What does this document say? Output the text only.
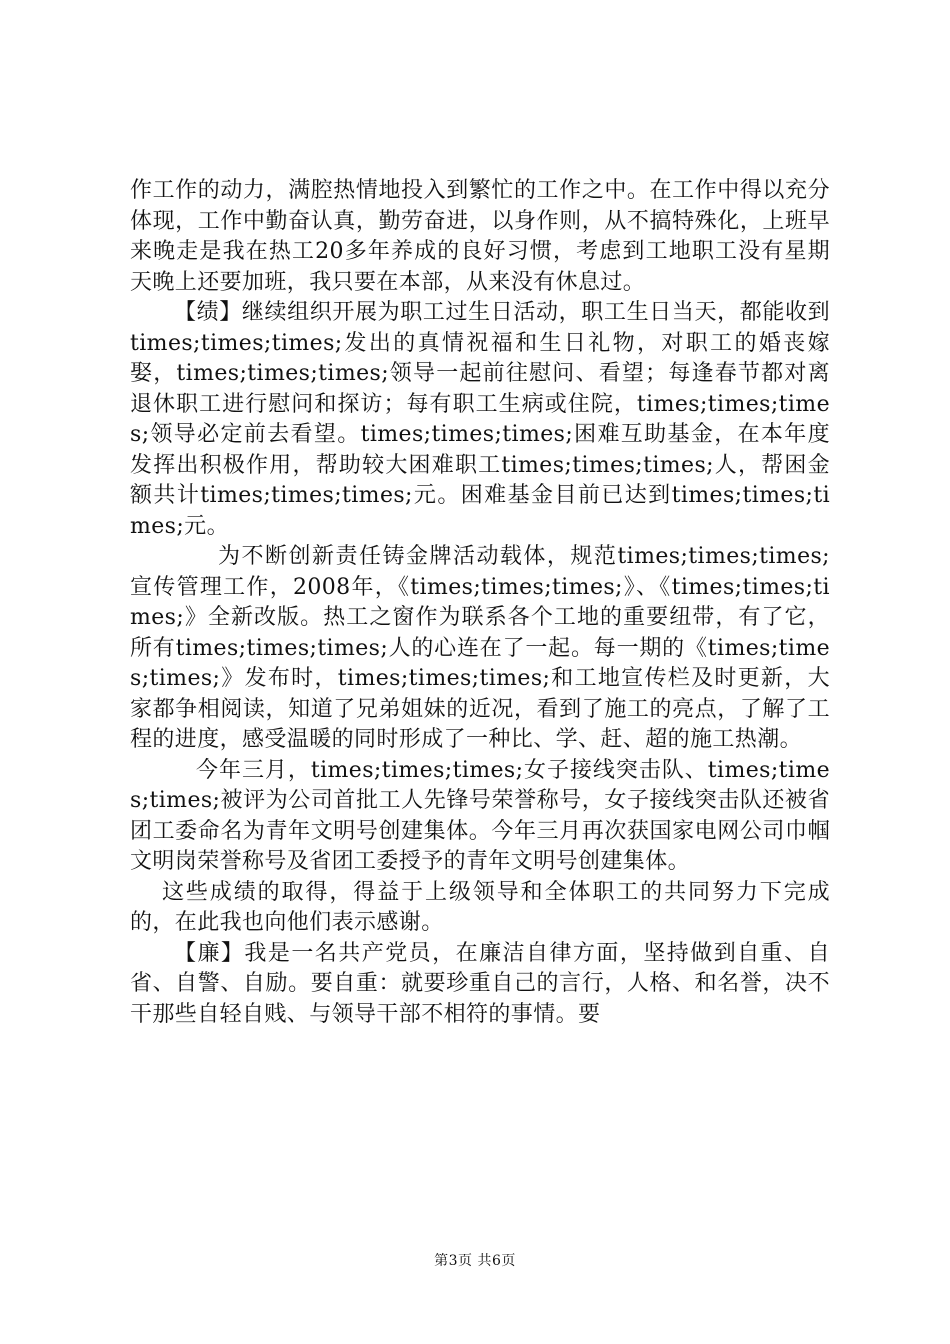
作工作的动力，满腔热情地投入到繁忙的工作之中。在工作中得以充分体现，工作中勤奋认真，勤劳奋进，以身作则，从不搞特殊化，上班早来晚走是我在热工20多年养成的良好习惯，考虑到工地职工没有星期天晚上还要加班，我只要在本部，从来没有休息过。

【绩】继续组织开展为职工过生日活动，职工生日当天，都能收到times;times;times;发出的真情祝福和生日礼物，对职工的婚丧嫁娶，times;times;times;领导一起前往慰问、看望；每逢春节都对离退休职工进行慰问和探访；每有职工生病或住院，times;times;times;领导必定前去看望。times;times;times;困难互助基金，在本年度发挥出积极作用，帮助较大困难职工times;times;times;人，帮困金额共计times;times;times;元。困难基金目前已达到times;times;times;元。

为不断创新责任铸金牌活动载体，规范times;times;times;宣传管理工作，2008年，《times;times;times;》、《times;times;times;》全新改版。热工之窗作为联系各个工地的重要纽带，有了它，所有times;times;times;人的心连在了一起。每一期的《times;times;times;》发布时，times;times;times;和工地宣传栏及时更新，大家都争相阅读，知道了兄弟姐妹的近况，看到了施工的亮点，了解了工程的进度，感受温暖的同时形成了一种比、学、赶、超的施工热潮。

今年三月，times;times;times;女子接线突击队、times;times;times;被评为公司首批工人先锋号荣誉称号，女子接线突击队还被省团工委命名为青年文明号创建集体。今年三月再次获国家电网公司巾帼文明岗荣誉称号及省团工委授予的青年文明号创建集体。

这些成绩的取得，得益于上级领导和全体职工的共同努力下完成的，在此我也向他们表示感谢。

【廉】我是一名共产党员，在廉洁自律方面，坚持做到自重、自省、自警、自励。要自重：就要珍重自己的言行，人格、和名誉，决不干那些自轻自贱、与领导干部不相符的事情。要

第3页 共6页
